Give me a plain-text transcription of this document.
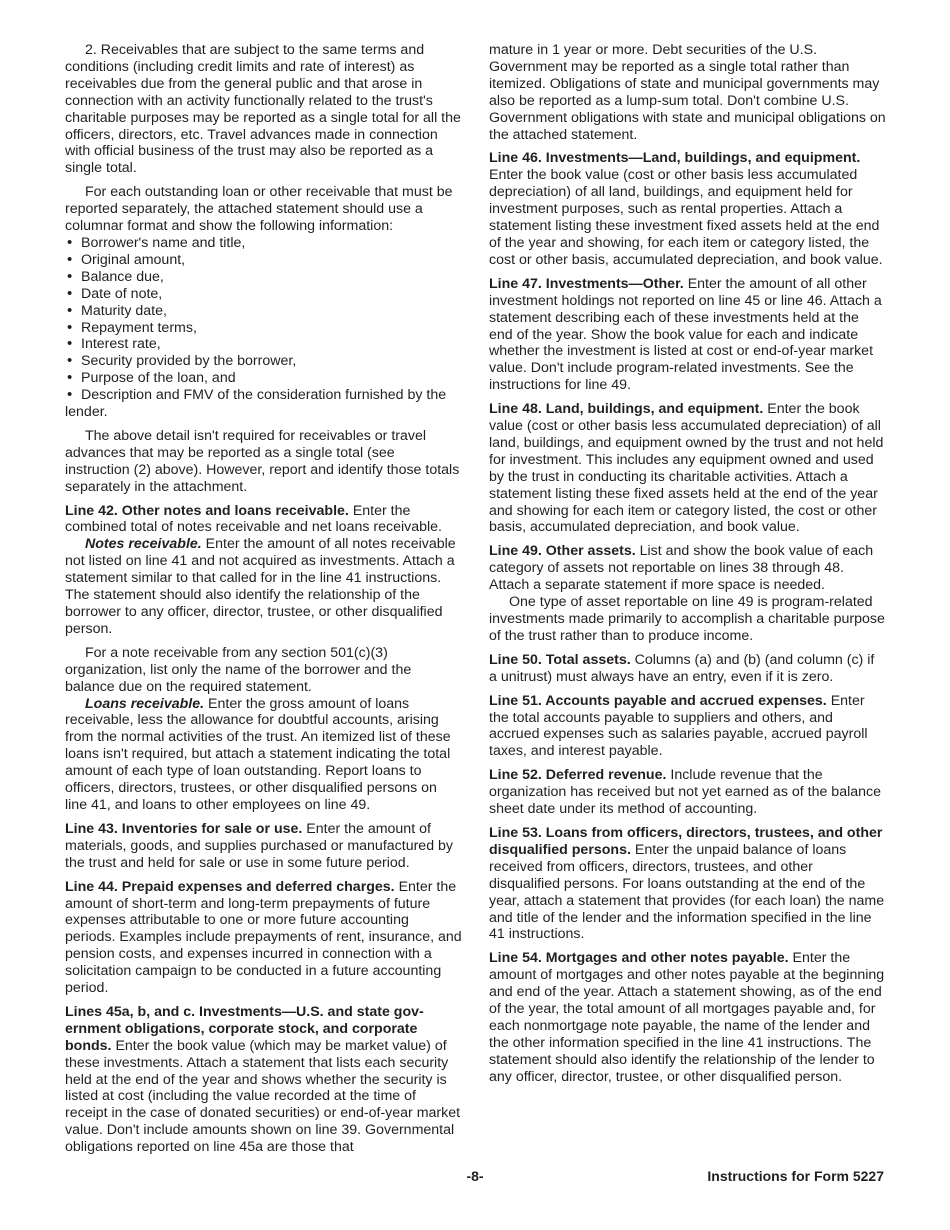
2. Receivables that are subject to the same terms and conditions (including credit limits and rate of interest) as receivables due from the general public and that arose in connection with an activity functionally related to the trust's charitable purposes may be reported as a single total for all the officers, directors, etc. Travel advances made in connection with official business of the trust may also be reported as a single total.

For each outstanding loan or other receivable that must be reported separately, the attached statement should use a columnar format and show the following information:

• Borrower's name and title,
• Original amount,
• Balance due,
• Date of note,
• Maturity date,
• Repayment terms,
• Interest rate,
• Security provided by the borrower,
• Purpose of the loan, and
• Description and FMV of the consideration furnished by the lender.

The above detail isn't required for receivables or travel advances that may be reported as a single total (see instruction (2) above). However, report and identify those totals separately in the attachment.

Line 42. Other notes and loans receivable. Enter the combined total of notes receivable and net loans receivable.

Notes receivable. Enter the amount of all notes receivable not listed on line 41 and not acquired as investments. Attach a statement similar to that called for in the line 41 instructions. The statement should also identify the relationship of the borrower to any officer, director, trustee, or other disqualified person.

For a note receivable from any section 501(c)(3) organization, list only the name of the borrower and the balance due on the required statement.

Loans receivable. Enter the gross amount of loans receivable, less the allowance for doubtful accounts, arising from the normal activities of the trust. An itemized list of these loans isn't required, but attach a statement indicating the total amount of each type of loan outstanding. Report loans to officers, directors, trustees, or other disqualified persons on line 41, and loans to other employees on line 49.

Line 43. Inventories for sale or use. Enter the amount of materials, goods, and supplies purchased or manufactured by the trust and held for sale or use in some future period.

Line 44. Prepaid expenses and deferred charges. Enter the amount of short-term and long-term prepayments of future expenses attributable to one or more future accounting periods. Examples include prepayments of rent, insurance, and pension costs, and expenses incurred in connection with a solicitation campaign to be conducted in a future accounting period.

Lines 45a, b, and c. Investments—U.S. and state government obligations, corporate stock, and corporate bonds. Enter the book value (which may be market value) of these investments. Attach a statement that lists each security held at the end of the year and shows whether the security is listed at cost (including the value recorded at the time of receipt in the case of donated securities) or end-of-year market value. Don't include amounts shown on line 39. Governmental obligations reported on line 45a are those that

mature in 1 year or more. Debt securities of the U.S. Government may be reported as a single total rather than itemized. Obligations of state and municipal governments may also be reported as a lump-sum total. Don't combine U.S. Government obligations with state and municipal obligations on the attached statement.

Line 46. Investments—Land, buildings, and equipment. Enter the book value (cost or other basis less accumulated depreciation) of all land, buildings, and equipment held for investment purposes, such as rental properties. Attach a statement listing these investment fixed assets held at the end of the year and showing, for each item or category listed, the cost or other basis, accumulated depreciation, and book value.

Line 47. Investments—Other. Enter the amount of all other investment holdings not reported on line 45 or line 46. Attach a statement describing each of these investments held at the end of the year. Show the book value for each and indicate whether the investment is listed at cost or end-of-year market value. Don't include program-related investments. See the instructions for line 49.

Line 48. Land, buildings, and equipment. Enter the book value (cost or other basis less accumulated depreciation) of all land, buildings, and equipment owned by the trust and not held for investment. This includes any equipment owned and used by the trust in conducting its charitable activities. Attach a statement listing these fixed assets held at the end of the year and showing for each item or category listed, the cost or other basis, accumulated depreciation, and book value.

Line 49. Other assets. List and show the book value of each category of assets not reportable on lines 38 through 48. Attach a separate statement if more space is needed.

One type of asset reportable on line 49 is program-related investments made primarily to accomplish a charitable purpose of the trust rather than to produce income.

Line 50. Total assets. Columns (a) and (b) (and column (c) if a unitrust) must always have an entry, even if it is zero.

Line 51. Accounts payable and accrued expenses. Enter the total accounts payable to suppliers and others, and accrued expenses such as salaries payable, accrued payroll taxes, and interest payable.

Line 52. Deferred revenue. Include revenue that the organization has received but not yet earned as of the balance sheet date under its method of accounting.

Line 53. Loans from officers, directors, trustees, and other disqualified persons. Enter the unpaid balance of loans received from officers, directors, trustees, and other disqualified persons. For loans outstanding at the end of the year, attach a statement that provides (for each loan) the name and title of the lender and the information specified in the line 41 instructions.

Line 54. Mortgages and other notes payable. Enter the amount of mortgages and other notes payable at the beginning and end of the year. Attach a statement showing, as of the end of the year, the total amount of all mortgages payable and, for each nonmortgage note payable, the name of the lender and the other information specified in the line 41 instructions. The statement should also identify the relationship of the lender to any officer, director, trustee, or other disqualified person.

-8-	Instructions for Form 5227
